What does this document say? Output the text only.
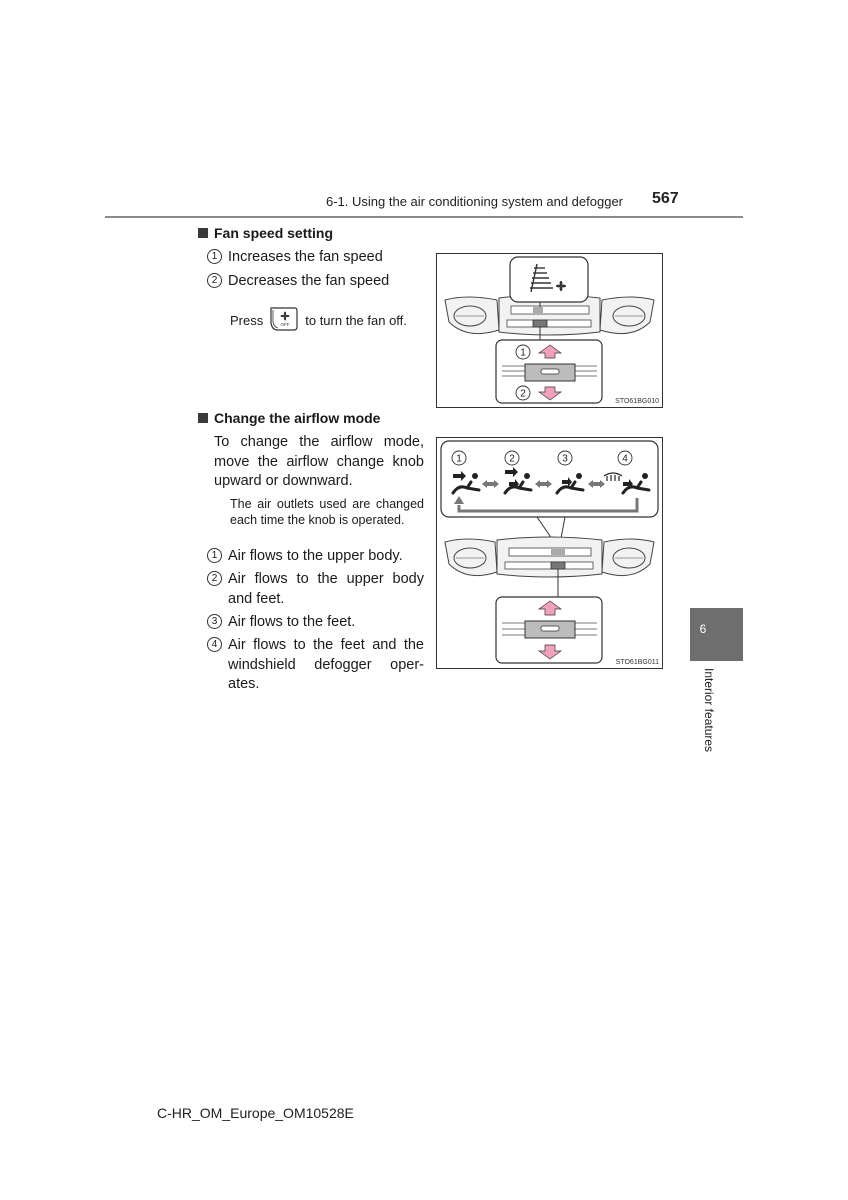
6-1. Using the air conditioning system and defogger 567
Fan speed setting
1 Increases the fan speed
2 Decreases the fan speed
Press	OFF to turn the fan off.
1
2
STO61BG010
Change the airflow mode
To change the airflow mode, move the airflow change knob upward or downward.
The air outlets used are changed each time the knob is operated.
1 Air flows to the upper body.
2 Air flows to the upper body and feet.
3 Air flows to the feet.
4 Air flows to the feet and the windshield defogger oper-ates.
1	2	3	4
STO61BG011
6
Interior features
C-HR_OM_Europe_OM10528E
